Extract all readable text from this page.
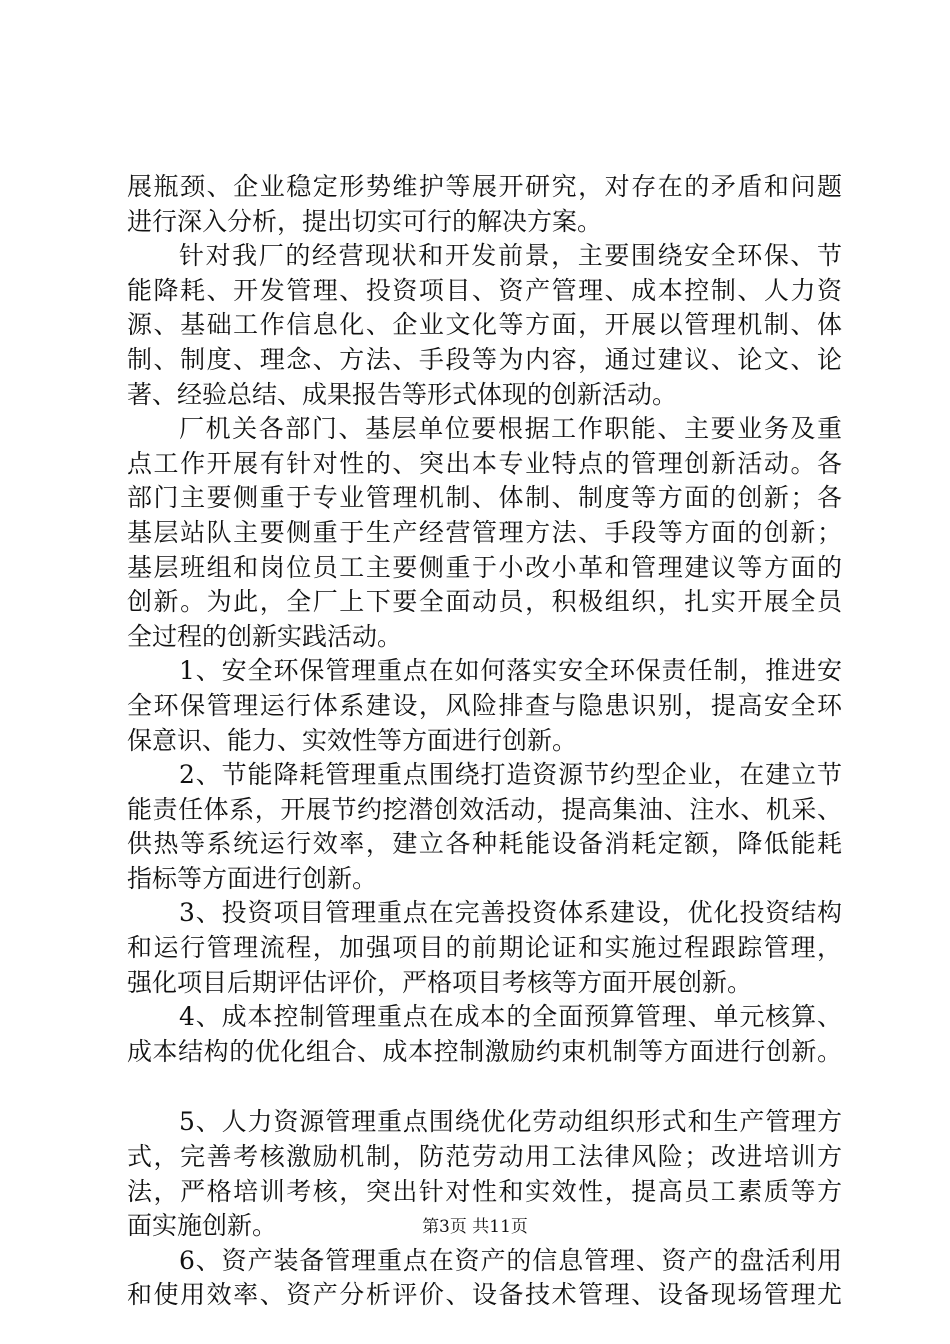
展瓶颈、企业稳定形势维护等展开研究，对存在的矛盾和问题
进行深入分析，提出切实可行的解决方案。
针对我厂的经营现状和开发前景，主要围绕安全环保、节
能降耗、开发管理、投资项目、资产管理、成本控制、人力资
源、基础工作信息化、企业文化等方面，开展以管理机制、体
制、制度、理念、方法、手段等为内容，通过建议、论文、论
著、经验总结、成果报告等形式体现的创新活动。
厂机关各部门、基层单位要根据工作职能、主要业务及重
点工作开展有针对性的、突出本专业特点的管理创新活动。各
部门主要侧重于专业管理机制、体制、制度等方面的创新；各
基层站队主要侧重于生产经营管理方法、手段等方面的创新；
基层班组和岗位员工主要侧重于小改小革和管理建议等方面的
创新。为此，全厂上下要全面动员，积极组织，扎实开展全员
全过程的创新实践活动。
1、安全环保管理重点在如何落实安全环保责任制，推进安
全环保管理运行体系建设，风险排查与隐患识别，提高安全环
保意识、能力、实效性等方面进行创新。
2、节能降耗管理重点围绕打造资源节约型企业，在建立节
能责任体系，开展节约挖潜创效活动，提高集油、注水、机采、
供热等系统运行效率，建立各种耗能设备消耗定额，降低能耗
指标等方面进行创新。
3、投资项目管理重点在完善投资体系建设，优化投资结构
和运行管理流程，加强项目的前期论证和实施过程跟踪管理，
强化项目后期评估评价，严格项目考核等方面开展创新。
4、成本控制管理重点在成本的全面预算管理、单元核算、
成本结构的优化组合、成本控制激励约束机制等方面进行创新。
5、人力资源管理重点围绕优化劳动组织形式和生产管理方
式，完善考核激励机制，防范劳动用工法律风险；改进培训方
法，严格培训考核，突出针对性和实效性，提高员工素质等方
面实施创新。
6、资产装备管理重点在资产的信息管理、资产的盘活利用
和使用效率、资产分析评价、设备技术管理、设备现场管理尤
第3页 共11页
